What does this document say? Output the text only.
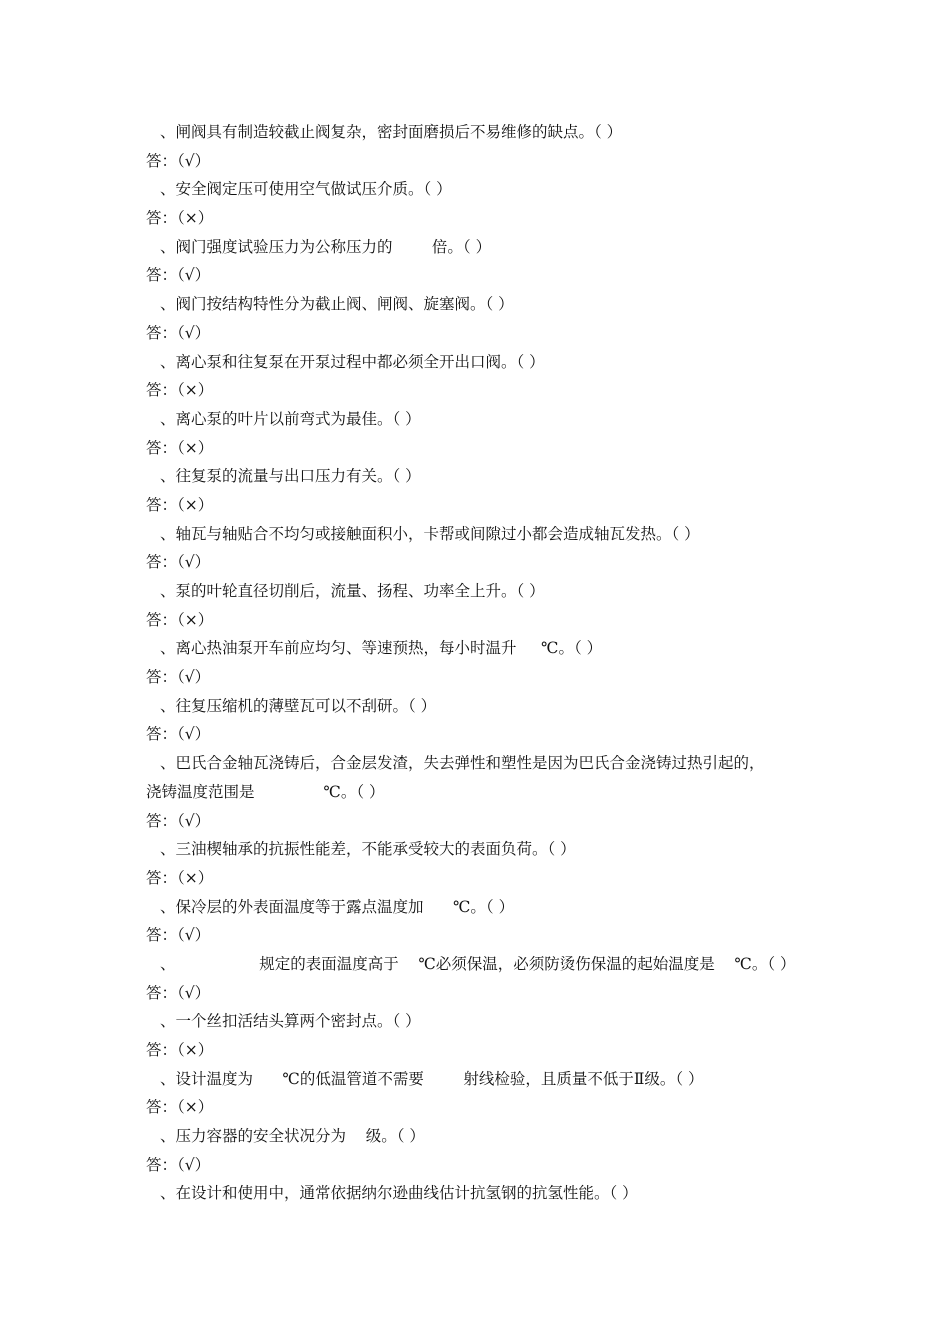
、闸阀具有制造较截止阀复杂，密封面磨损后不易维修的缺点。（ ）
答：（√）
、安全阀定压可使用空气做试压介质。（ ）
答：（×）
、阀门强度试验压力为公称压力的        倍。（ ）
答：（√）
、阀门按结构特性分为截止阀、闸阀、旋塞阀。（ ）
答：（√）
、离心泵和往复泵在开泵过程中都必须全开出口阀。（ ）
答：（×）
、离心泵的叶片以前弯式为最佳。（ ）
答：（×）
、往复泵的流量与出口压力有关。（ ）
答：（×）
、轴瓦与轴贴合不均匀或接触面积小，卡帮或间隙过小都会造成轴瓦发热。（ ）
答：（√）
、泵的叶轮直径切削后，流量、扬程、功率全上升。（ ）
答：（×）
、离心热油泵开车前应均匀、等速预热，每小时温升     ℃。（ ）
答：（√）
、往复压缩机的薄壁瓦可以不刮研。（ ）
答：（√）
、巴氏合金轴瓦浇铸后，合金层发渣，失去弹性和塑性是因为巴氏合金浇铸过热引起的，
浇铸温度范围是              ℃。（ ）
答：（√）
、三油楔轴承的抗振性能差，不能承受较大的表面负荷。（ ）
答：（×）
、保冷层的外表面温度等于露点温度加      ℃。（ ）
答：（√）
、                 规定的表面温度高于    ℃必须保温，必须防烫伤保温的起始温度是    ℃。（ ）
答：（√）
、一个丝扣活结头算两个密封点。（ ）
答：（×）
、设计温度为      ℃的低温管道不需要        射线检验，且质量不低于Ⅱ级。（ ）
答：（×）
、压力容器的安全状况分为    级。（ ）
答：（√）
、在设计和使用中，通常依据纳尔逊曲线估计抗氢钢的抗氢性能。（ ）
